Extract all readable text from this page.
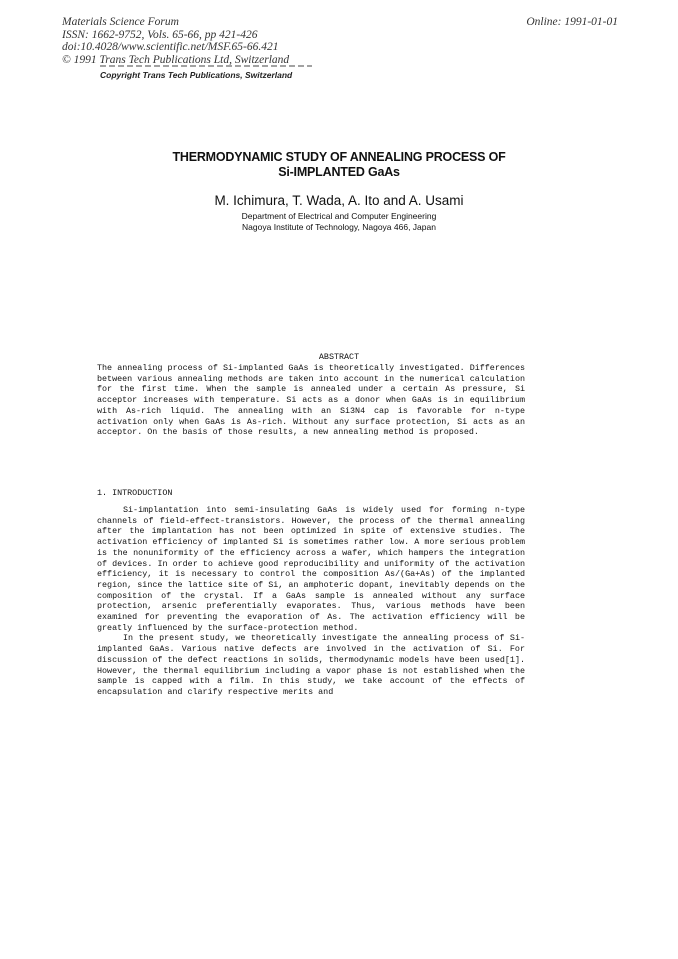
Materials Science Forum
ISSN: 1662-9752, Vols. 65-66, pp 421-426
doi:10.4028/www.scientific.net/MSF.65-66.421
© 1991 Trans Tech Publications Ltd, Switzerland
Online: 1991-01-01
Copyright Trans Tech Publications, Switzerland
THERMODYNAMIC STUDY OF ANNEALING PROCESS OF
Si-IMPLANTED GaAs
M. Ichimura, T. Wada, A. Ito and A. Usami
Department of Electrical and Computer Engineering
Nagoya Institute of Technology, Nagoya 466, Japan
ABSTRACT

The annealing process of Si-implanted GaAs is theoretically investigated. Differences between various annealing methods are taken into account in the numerical calculation for the first time. When the sample is annealed under a certain As pressure, Si acceptor increases with temperature. Si acts as a donor when GaAs is in equilibrium with As-rich liquid. The annealing with an Si3N4 cap is favorable for n-type activation only when GaAs is As-rich. Without any surface protection, Si acts as an acceptor. On the basis of those results, a new annealing method is proposed.

1. INTRODUCTION

Si-implantation into semi-insulating GaAs is widely used for forming n-type channels of field-effect-transistors. However, the process of the thermal annealing after the implantation has not been optimized in spite of extensive studies. The activation efficiency of implanted Si is sometimes rather low. A more serious problem is the nonuniformity of the efficiency across a wafer, which hampers the integration of devices. In order to achieve good reproducibility and uniformity of the activation efficiency, it is necessary to control the composition As/(Ga+As) of the implanted region, since the lattice site of Si, an amphoteric dopant, inevitably depends on the composition of the crystal. If a GaAs sample is annealed without any surface protection, arsenic preferentially evaporates. Thus, various methods have been examined for preventing the evaporation of As. The activation efficiency will be greatly influenced by the surface-protection method.

In the present study, we theoretically investigate the annealing process of Si-implanted GaAs. Various native defects are involved in the activation of Si. For discussion of the defect reactions in solids, thermodynamic models have been used[1]. However, the thermal equilibrium including a vapor phase is not established when the sample is capped with a film. In this study, we take account of the effects of encapsulation and clarify respective merits and
